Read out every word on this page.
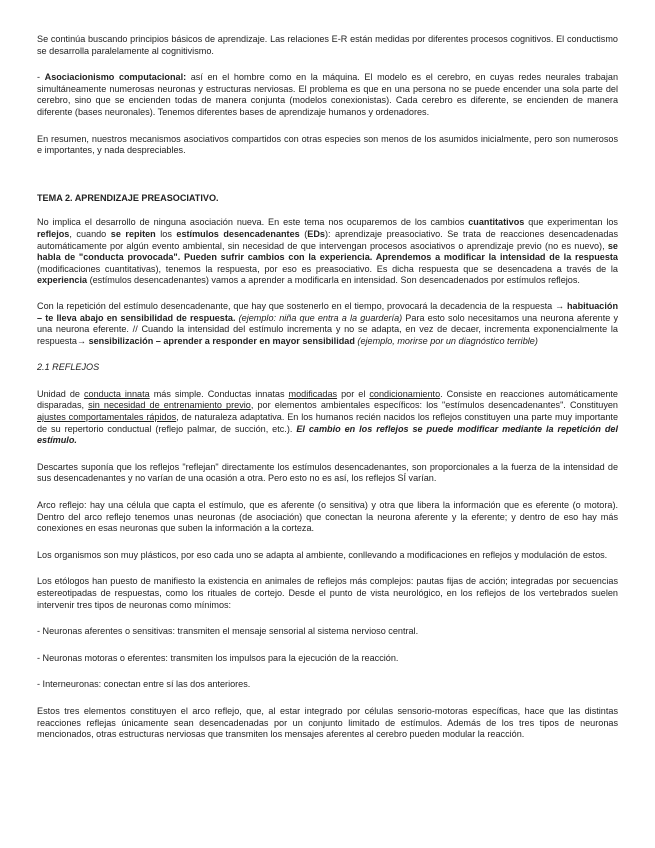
Se continúa buscando principios básicos de aprendizaje. Las relaciones E-R están medidas por diferentes procesos cognitivos. El conductismo se desarrolla paralelamente al cognitivismo.

- Asociacionismo computacional: así en el hombre como en la máquina. El modelo es el cerebro, en cuyas redes neurales trabajan simultáneamente numerosas neuronas y estructuras nerviosas. El problema es que en una persona no se puede encender una sola parte del cerebro, sino que se encienden todas de manera conjunta (modelos conexionistas). Cada cerebro es diferente, se encienden de manera diferente (bases neuronales). Tenemos diferentes bases de aprendizaje humanos y ordenadores.

En resumen, nuestros mecanismos asociativos compartidos con otras especies son menos de los asumidos inicialmente, pero son numerosos e importantes, y nada despreciables.

TEMA 2. APRENDIZAJE PREASOCIATIVO.

No implica el desarrollo de ninguna asociación nueva. En este tema nos ocuparemos de los cambios cuantitativos que experimentan los reflejos, cuando se repiten los estímulos desencadenantes (EDs): aprendizaje preasociativo. Se trata de reacciones desencadenadas automáticamente por algún evento ambiental, sin necesidad de que intervengan procesos asociativos o aprendizaje previo (no es nuevo), se habla de "conducta provocada". Pueden sufrir cambios con la experiencia. Aprendemos a modificar la intensidad de la respuesta (modificaciones cuantitativas), tenemos la respuesta, por eso es preasociativo. Es dicha respuesta que se desencadena a través de la experiencia (estímulos desencadenantes) vamos a aprender a modificarla en intensidad. Son desencadenados por estímulos reflejos.

Con la repetición del estímulo desencadenante, que hay que sostenerlo en el tiempo, provocará la decadencia de la respuesta → habituación – te lleva abajo en sensibilidad de respuesta. (ejemplo: niña que entra a la guardería) Para esto solo necesitamos una neurona aferente y una neurona eferente. // Cuando la intensidad del estímulo incrementa y no se adapta, en vez de decaer, incrementa exponencialmente la respuesta→ sensibilización – aprender a responder en mayor sensibilidad (ejemplo, morirse por un diagnóstico terrible)

2.1 REFLEJOS

Unidad de conducta innata más simple. Conductas innatas modificadas por el condicionamiento. Consiste en reacciones automáticamente disparadas, sin necesidad de entrenamiento previo, por elementos ambientales específicos: los "estímulos desencadenantes". Constituyen ajustes comportamentales rápidos, de naturaleza adaptativa. En los humanos recién nacidos los reflejos constituyen una parte muy importante de su repertorio conductual (reflejo palmar, de succión, etc.). El cambio en los reflejos se puede modificar mediante la repetición del estímulo.

Descartes suponía que los reflejos "reflejan" directamente los estímulos desencadenantes, son proporcionales a la fuerza de la intensidad de sus desencadenantes y no varían de una ocasión a otra. Pero esto no es así, los reflejos SÍ varían.

Arco reflejo: hay una célula que capta el estímulo, que es aferente (o sensitiva) y otra que libera la información que es eferente (o motora). Dentro del arco reflejo tenemos unas neuronas (de asociación) que conectan la neurona aferente y la eferente; y dentro de eso hay más conexiones en esas neuronas que suben la información a la corteza.

Los organismos son muy plásticos, por eso cada uno se adapta al ambiente, conllevando a modificaciones en reflejos y modulación de estos.

Los etólogos han puesto de manifiesto la existencia en animales de reflejos más complejos: pautas fijas de acción; integradas por secuencias estereotipadas de respuestas, como los rituales de cortejo. Desde el punto de vista neurológico, en los reflejos de los vertebrados suelen intervenir tres tipos de neuronas como mínimos:

- Neuronas aferentes o sensitivas: transmiten el mensaje sensorial al sistema nervioso central.

- Neuronas motoras o eferentes: transmiten los impulsos para la ejecución de la reacción.

- Interneuronas: conectan entre sí las dos anteriores.

Estos tres elementos constituyen el arco reflejo, que, al estar integrado por células sensorio-motoras específicas, hace que las distintas reacciones reflejas únicamente sean desencadenadas por un conjunto limitado de estímulos. Además de los tres tipos de neuronas mencionados, otras estructuras nerviosas que transmiten los mensajes aferentes al cerebro pueden modular la reacción.
